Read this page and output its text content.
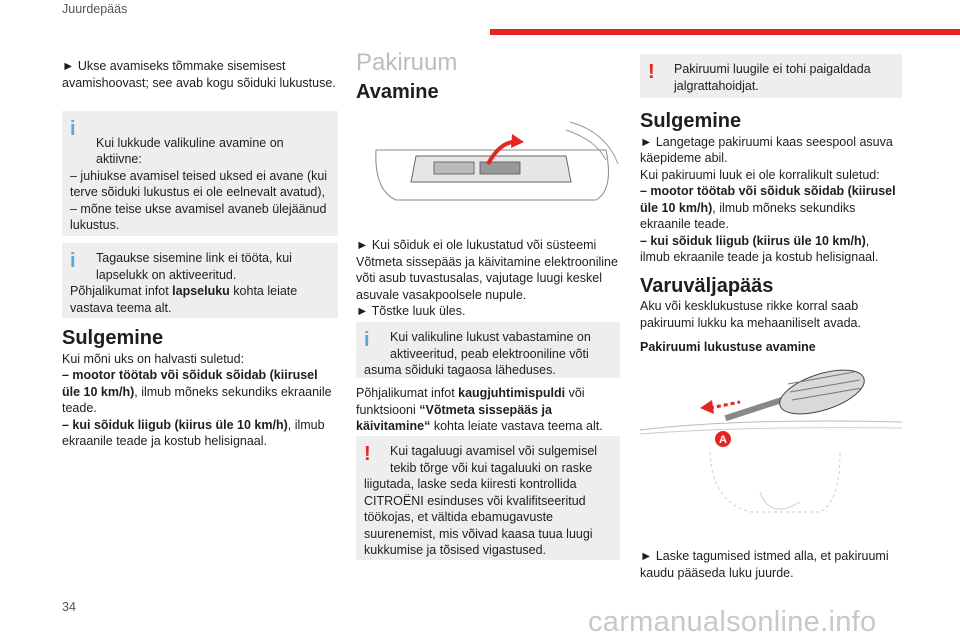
Juurdepääs
34	carmanualsonline.info

► Ukse avamiseks tõmmake sisemisest avamishoovast; see avab kogu sõiduki lukustuse.

i

Kui lukkude valikuline avamine on
aktiivne:
– juhiukse avamisel teised uksed ei avane (kui terve sõiduki lukustus ei ole eelnevalt avatud),
– mõne teise ukse avamisel avaneb ülejäänud lukustus.

i	Tagaukse sisemine link ei tööta, kui
lapselukk on aktiveeritud.
Põhjalikumat infot lapseluku kohta leiate vastava teema alt.
Sulgemine

Kui mõni uks on halvasti suletud:

– mootor töötab või sõiduk sõidab (kiirusel üle 10 km/h), ilmub mõneks sekundiks ekraanile teade.

– kui sõiduk liigub (kiirus üle 10 km/h), ilmub ekraanile teade ja kostub helisignaal.

Pakiruum
Avamine

► Kui sõiduk ei ole lukustatud või süsteemi Võtmeta sissepääs ja käivitamine elektrooniline võti asub tuvastusalas, vajutage luugi keskel asuvale vasakpoolsele nupule.

► Tõstke luuk üles.

i	Kui valikuline lukust vabastamine on
aktiveeritud, peab elektrooniline võti
asuma sõiduki tagaosa läheduses.

Põhjalikumat infot kaugjuhtimispuldi või funktsiooni “Võtmeta sissepääs ja käivitamine“ kohta leiate vastava teema alt.

!	Kui tagaluugi avamisel või sulgemisel
tekib tõrge või kui tagaluuki on raske
liigutada, laske seda kiiresti kontrollida CITROËNI esinduses või kvalifitseeritud töökojas, et vältida ebamugavuste suurenemist, mis võivad kaasa tuua luugi kukkumise ja tõsised vigastused.
!	Pakiruumi luugile ei tohi paigaldada
jalgrattahoidjat.
Sulgemine

► Langetage pakiruumi kaas seespool asuva käepideme abil.

Kui pakiruumi luuk ei ole korralikult suletud:

– mootor töötab või sõiduk sõidab (kiirusel üle 10 km/h), ilmub mõneks sekundiks ekraanile teade.

– kui sõiduk liigub (kiirus üle 10 km/h), ilmub ekraanile teade ja kostub helisignaal.

Varuväljapääs

Aku või kesklukustuse rikke korral saab pakiruumi lukku ka mehaaniliselt avada.

Pakiruumi lukustuse avamine
A

► Laske tagumised istmed alla, et pakiruumi kaudu pääseda luku juurde.
